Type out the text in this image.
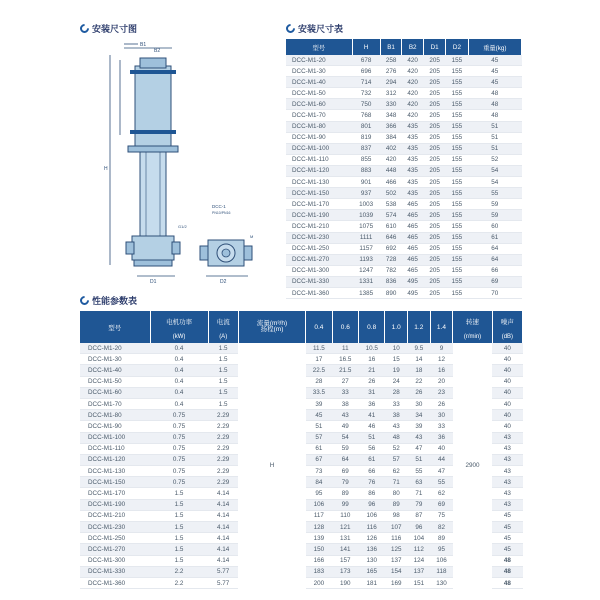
安装尺寸图	安装尺寸表
性能参数表
B1
B2
H
D1	D2
DCC-1
PN10/PN16
G1/2
M
型号	H	B1	B2	D1	D2	重量(kg)
DCC-M1-20	678	258	420	205	155	45
DCC-M1-30	696	276	420	205	155	45
DCC-M1-40	714	294	420	205	155	45
DCC-M1-50	732	312	420	205	155	48
DCC-M1-60	750	330	420	205	155	48
DCC-M1-70	768	348	420	205	155	48
DCC-M1-80	801	366	435	205	155	51
DCC-M1-90	819	384	435	205	155	51
DCC-M1-100	837	402	435	205	155	51
DCC-M1-110	855	420	435	205	155	52
DCC-M1-120	883	448	435	205	155	54
DCC-M1-130	901	466	435	205	155	54
DCC-M1-150	937	502	435	205	155	55
DCC-M1-170	1003	538	465	205	155	59
DCC-M1-190	1039	574	465	205	155	59
DCC-M1-210	1075	610	465	205	155	60
DCC-M1-230	1111	646	465	205	155	61
DCC-M1-250	1157	692	465	205	155	64
DCC-M1-270	1193	728	465	205	155	64
DCC-M1-300	1247	782	465	205	155	66
DCC-M1-330	1331	836	495	205	155	69
DCC-M1-360	1385	890	495	205	155	70
型号	电机功率	电流	流量(m³/h)
扬程(m)	0.4	0.6	0.8	1.0	1.2	1.4	转速	噪声
	(kW)	(A)								(r/min)	(dB)
DCC-M1-20	0.4	1.5	H	11.5	11	10.5	10	9.5	9	2900	40
DCC-M1-30	0.4	1.5		17	16.5	16	15	14	12		40
DCC-M1-40	0.4	1.5		22.5	21.5	21	19	18	16		40
DCC-M1-50	0.4	1.5		28	27	26	24	22	20		40
DCC-M1-60	0.4	1.5		33.5	33	31	28	26	23		40
DCC-M1-70	0.4	1.5		39	38	36	33	30	26		40
DCC-M1-80	0.75	2.29		45	43	41	38	34	30		40
DCC-M1-90	0.75	2.29		51	49	46	43	39	33		40
DCC-M1-100	0.75	2.29		57	54	51	48	43	36		43
DCC-M1-110	0.75	2.29		61	59	56	52	47	40		43
DCC-M1-120	0.75	2.29		67	64	61	57	51	44		43
DCC-M1-130	0.75	2.29		73	69	66	62	55	47		43
DCC-M1-150	0.75	2.29		84	79	76	71	63	55		43
DCC-M1-170	1.5	4.14		95	89	86	80	71	62		43
DCC-M1-190	1.5	4.14		106	99	96	89	79	69		43
DCC-M1-210	1.5	4.14		117	110	106	98	87	75		45
DCC-M1-230	1.5	4.14		128	121	116	107	96	82		45
DCC-M1-250	1.5	4.14		139	131	126	116	104	89		45
DCC-M1-270	1.5	4.14		150	141	136	125	112	95		45
DCC-M1-300	1.5	4.14		166	157	130	137	124	106		48
DCC-M1-330	2.2	5.77		183	173	165	154	137	118		48
DCC-M1-360	2.2	5.77		200	190	181	169	151	130		48
